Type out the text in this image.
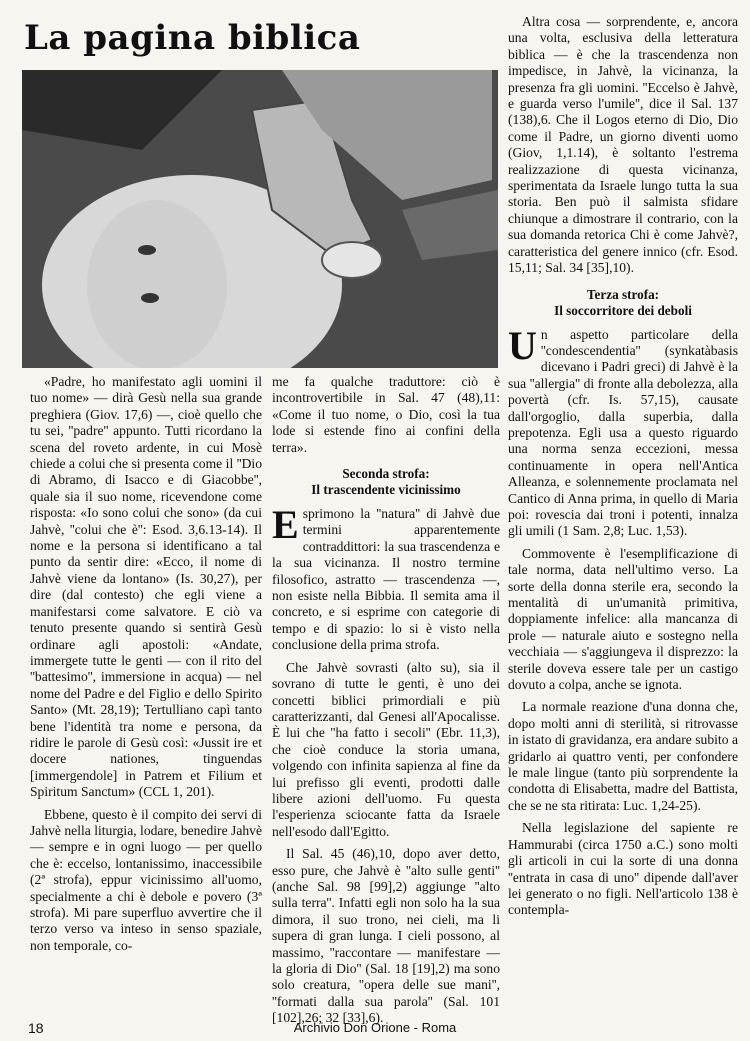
La pagina biblica

«Padre, ho manifestato agli uomini il tuo nome» — dirà Gesù nella sua grande preghiera (Giov. 17,6) —, cioè quello che tu sei, ''padre'' appunto. Tutti ricordano la scena del roveto ardente, in cui Mosè chiede a colui che si presenta come il ''Dio di Abramo, di Isacco e di Giacobbe'', quale sia il suo nome, ricevendone come risposta: «Io sono colui che sono» (da cui Jahvè, ''colui che è'': Esod. 3,6.13-14). Il nome e la persona si identificano a tal punto da sentir dire: «Ecco, il nome di Jahvè viene da lontano» (Is. 30,27), per dire (dal contesto) che egli viene a manifestarsi come salvatore. E ciò va tenuto presente quando si sentirà Gesù ordinare agli apostoli: «Andate, immergete tutte le genti — con il rito del ''battesimo'', immersione in acqua) — nel nome del Padre e del Figlio e dello Spirito Santo» (Mt. 28,19); Tertulliano capì tanto bene l'identità tra nome e persona, da ridire le parole di Gesù così: «Jussit ire et docere nationes, tinguendas [immergendole] in Patrem et Filium et Spiritum Sanctum» (CCL 1, 201).

Ebbene, questo è il compito dei servi di Jahvè nella liturgia, lodare, benedire Jahvè — sempre e in ogni luogo — per quello che è: eccelso, lontanissimo, inaccessibile (2ª strofa), eppur vicinissimo all'uomo, specialmente a chi è debole e povero (3ª strofa). Mi pare superfluo avvertire che il terzo verso va inteso in senso spaziale, non temporale, co-

me fa qualche traduttore: ciò è incontrovertibile in Sal. 47 (48),11: «Come il tuo nome, o Dio, così la tua lode si estende fino ai confini della terra».

Seconda strofa:
Il trascendente vicinissimo

Esprimono la ''natura'' di Jahvè due termini apparentemente contraddittori: la sua trascendenza e la sua vicinanza. Il nostro termine filosofico, astratto — trascendenza —, non esiste nella Bibbia. Il semita ama il concreto, e si esprime con categorie di tempo e di spazio: lo si è visto nella conclusione della prima strofa.

Che Jahvè sovrasti (alto su), sia il sovrano di tutte le genti, è uno dei concetti biblici primordiali e più caratterizzanti, dal Genesi all'Apocalisse. È lui che ''ha fatto i secoli'' (Ebr. 11,3), che cioè conduce la storia umana, volgendo con infinita sapienza al fine da lui prefisso gli eventi, prodotti dalle libere azioni dell'uomo. Fu questa l'esperienza sciocante fatta da Israele nell'esodo dall'Egitto.

Il Sal. 45 (46),10, dopo aver detto, esso pure, che Jahvè è ''alto sulle genti'' (anche Sal. 98 [99],2) aggiunge ''alto sulla terra''. Infatti egli non solo ha la sua dimora, il suo trono, nei cieli, ma li supera di gran lunga. I cieli possono, al massimo, ''raccontare — manifestare — la gloria di Dio'' (Sal. 18 [19],2) ma sono solo creatura, ''opera delle sue mani'', ''formati dalla sua parola'' (Sal. 101 [102],26; 32 [33],6).

Altra cosa — sorprendente, e, ancora una volta, esclusiva della letteratura biblica — è che la trascendenza non impedisce, in Jahvè, la vicinanza, la presenza fra gli uomini. ''Eccelso è Jahvè, e guarda verso l'umile'', dice il Sal. 137 (138),6. Che il Logos eterno di Dio, Dio come il Padre, un giorno diventi uomo (Giov, 1,1.14), è soltanto l'estrema realizzazione di questa vicinanza, sperimentata da Israele lungo tutta la sua storia. Ben può il salmista sfidare chiunque a dimostrare il contrario, con la sua domanda retorica Chi è come Jahvè?, caratteristica del genere innico (cfr. Esod. 15,11; Sal. 34 [35],10).

Terza strofa:
Il soccorritore dei deboli

Un aspetto particolare della ''condescendentia'' (synkatàbasis dicevano i Padri greci) di Jahvè è la sua ''allergia'' di fronte alla debolezza, alla povertà (cfr. Is. 57,15), causate dall'orgoglio, dalla superbia, dalla prepotenza. Egli usa a questo riguardo una norma senza eccezioni, messa continuamente in opera nell'Antica Alleanza, e solennemente proclamata nel Cantico di Anna prima, in quello di Maria poi: rovescia dai troni i potenti, innalza gli umili (1 Sam. 2,8; Luc. 1,53).

Commovente è l'esemplificazione di tale norma, data nell'ultimo verso. La sorte della donna sterile era, secondo la mentalità di un'umanità primitiva, doppiamente infelice: alla mancanza di prole — naturale aiuto e sostegno nella vecchiaia — s'aggiungeva il disprezzo: la sterile doveva essere tale per un castigo dovuto a colpa, anche se ignota.

La normale reazione d'una donna che, dopo molti anni di sterilità, si ritrovasse in istato di gravidanza, era andare subito a gridarlo ai quattro venti, per confondere le male lingue (tanto più sorprendente la condotta di Elisabetta, madre del Battista, che se ne sta ritirata: Luc. 1,24-25).

Nella legislazione del sapiente re Hammurabi (circa 1750 a.C.) sono molti gli articoli in cui la sorte di una donna ''entrata in casa di uno'' dipende dall'aver lei generato o no figli. Nell'articolo 138 è contempla-

18	Archivio Don Orione - Roma
